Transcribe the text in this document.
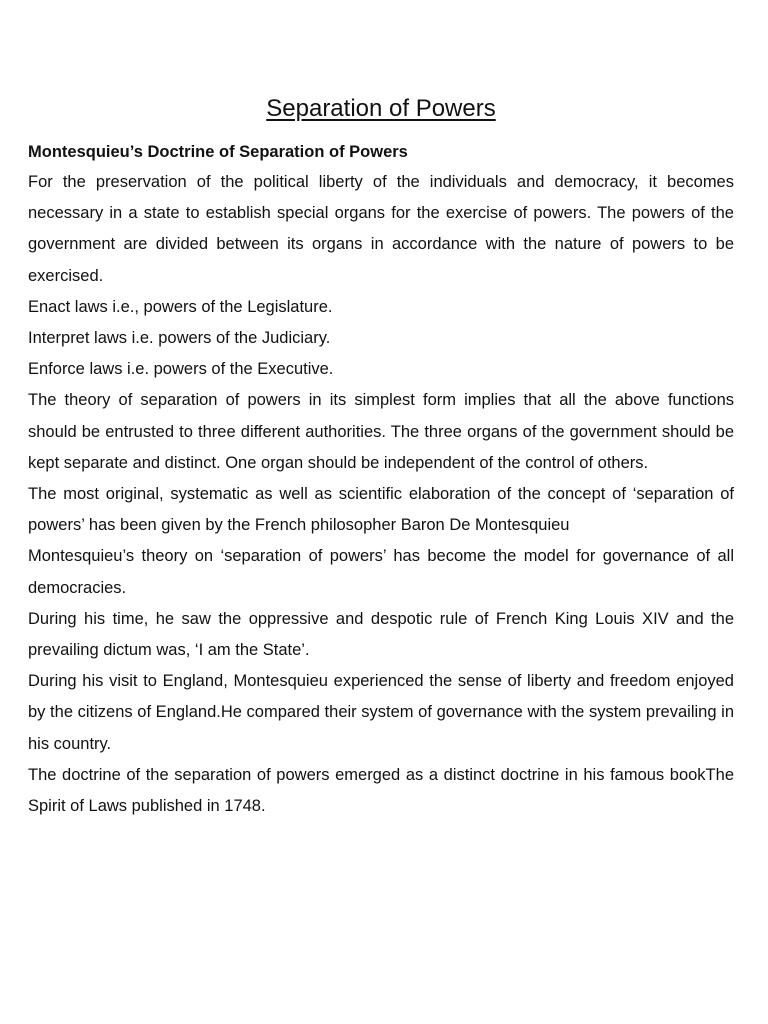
Separation of Powers
Montesquieu’s Doctrine of Separation of Powers

For the preservation of the political liberty of the individuals and democracy, it becomes necessary in a state to establish special organs for the exercise of powers. The powers of the government are divided between its organs in accordance with the nature of powers to be exercised.

Enact laws i.e., powers of the Legislature.

Interpret laws i.e. powers of the Judiciary.

Enforce laws i.e. powers of the Executive.

The theory of separation of powers in its simplest form implies that all the above functions should be entrusted to three different authorities. The three organs of the government should be kept separate and distinct. One organ should be independent of the control of others.

The most original, systematic as well as scientific elaboration of the concept of ‘separation of powers’ has been given by the French philosopher Baron De Montesquieu

Montesquieu’s theory on ‘separation of powers’ has become the model for governance of all democracies.

During his time, he saw the oppressive and despotic rule of French King Louis XIV and the prevailing dictum was, ‘I am the State’.

During his visit to England, Montesquieu experienced the sense of liberty and freedom enjoyed by the citizens of England.He compared their system of governance with the system prevailing in his country.

The doctrine of the separation of powers emerged as a distinct doctrine in his famous bookThe Spirit of Laws published in 1748.
